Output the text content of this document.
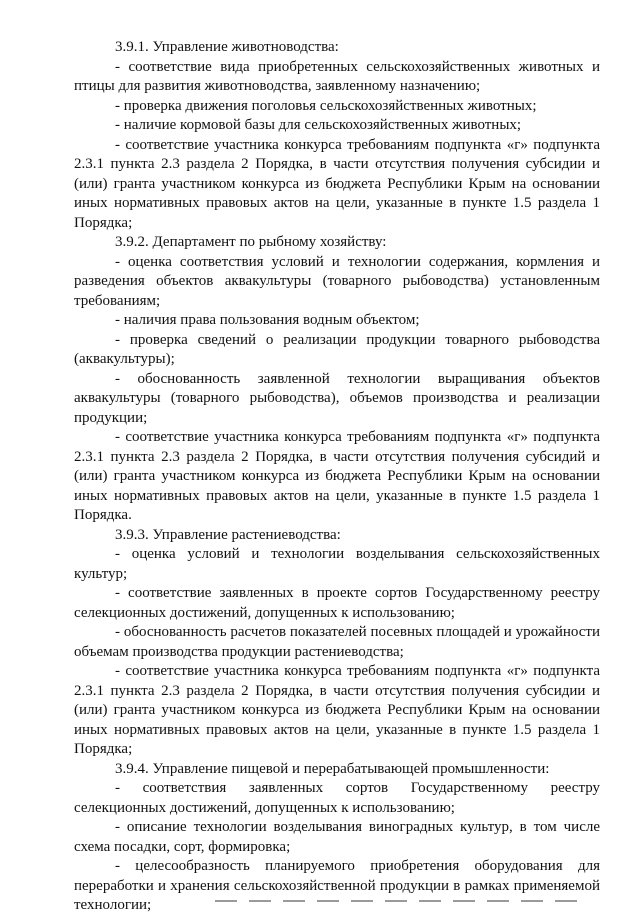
3.9.1. Управление животноводства:

- соответствие вида приобретенных сельскохозяйственных животных и птицы для развития животноводства, заявленному назначению;

- проверка движения поголовья сельскохозяйственных животных;

- наличие кормовой базы для сельскохозяйственных животных;

- соответствие участника конкурса требованиям подпункта «г» подпункта 2.3.1 пункта 2.3 раздела 2 Порядка, в части отсутствия получения субсидии и (или) гранта участником конкурса из бюджета Республики Крым на основании иных нормативных правовых актов на цели, указанные в пункте 1.5 раздела 1 Порядка;

3.9.2. Департамент по рыбному хозяйству:

- оценка соответствия условий и технологии содержания, кормления и разведения объектов аквакультуры (товарного рыбоводства) установленным требованиям;

- наличия права пользования водным объектом;

- проверка сведений о реализации продукции товарного рыбоводства (аквакультуры);

- обоснованность заявленной технологии выращивания объектов аквакультуры (товарного рыбоводства), объемов производства и реализации продукции;

- соответствие участника конкурса требованиям подпункта «г» подпункта 2.3.1 пункта 2.3 раздела 2 Порядка, в части отсутствия получения субсидий и (или) гранта участником конкурса из бюджета Республики Крым на основании иных нормативных правовых актов на цели, указанные в пункте 1.5 раздела 1 Порядка.

3.9.3. Управление растениеводства:

- оценка условий и технологии возделывания сельскохозяйственных культур;

- соответствие заявленных в проекте сортов Государственному реестру селекционных достижений, допущенных к использованию;

- обоснованность расчетов показателей посевных площадей и урожайности объемам производства продукции растениеводства;

- соответствие участника конкурса требованиям подпункта «г» подпункта 2.3.1 пункта 2.3 раздела 2 Порядка, в части отсутствия получения субсидии и (или) гранта участником конкурса из бюджета Республики Крым на основании иных нормативных правовых актов на цели, указанные в пункте 1.5 раздела 1 Порядка;

3.9.4. Управление пищевой и перерабатывающей промышленности:

- соответствия заявленных сортов Государственному реестру селекционных достижений, допущенных к использованию;

- описание технологии возделывания виноградных культур, в том числе схема посадки, сорт, формировка;

- целесообразность планируемого приобретения оборудования для переработки и хранения сельскохозяйственной продукции в рамках применяемой технологии;
